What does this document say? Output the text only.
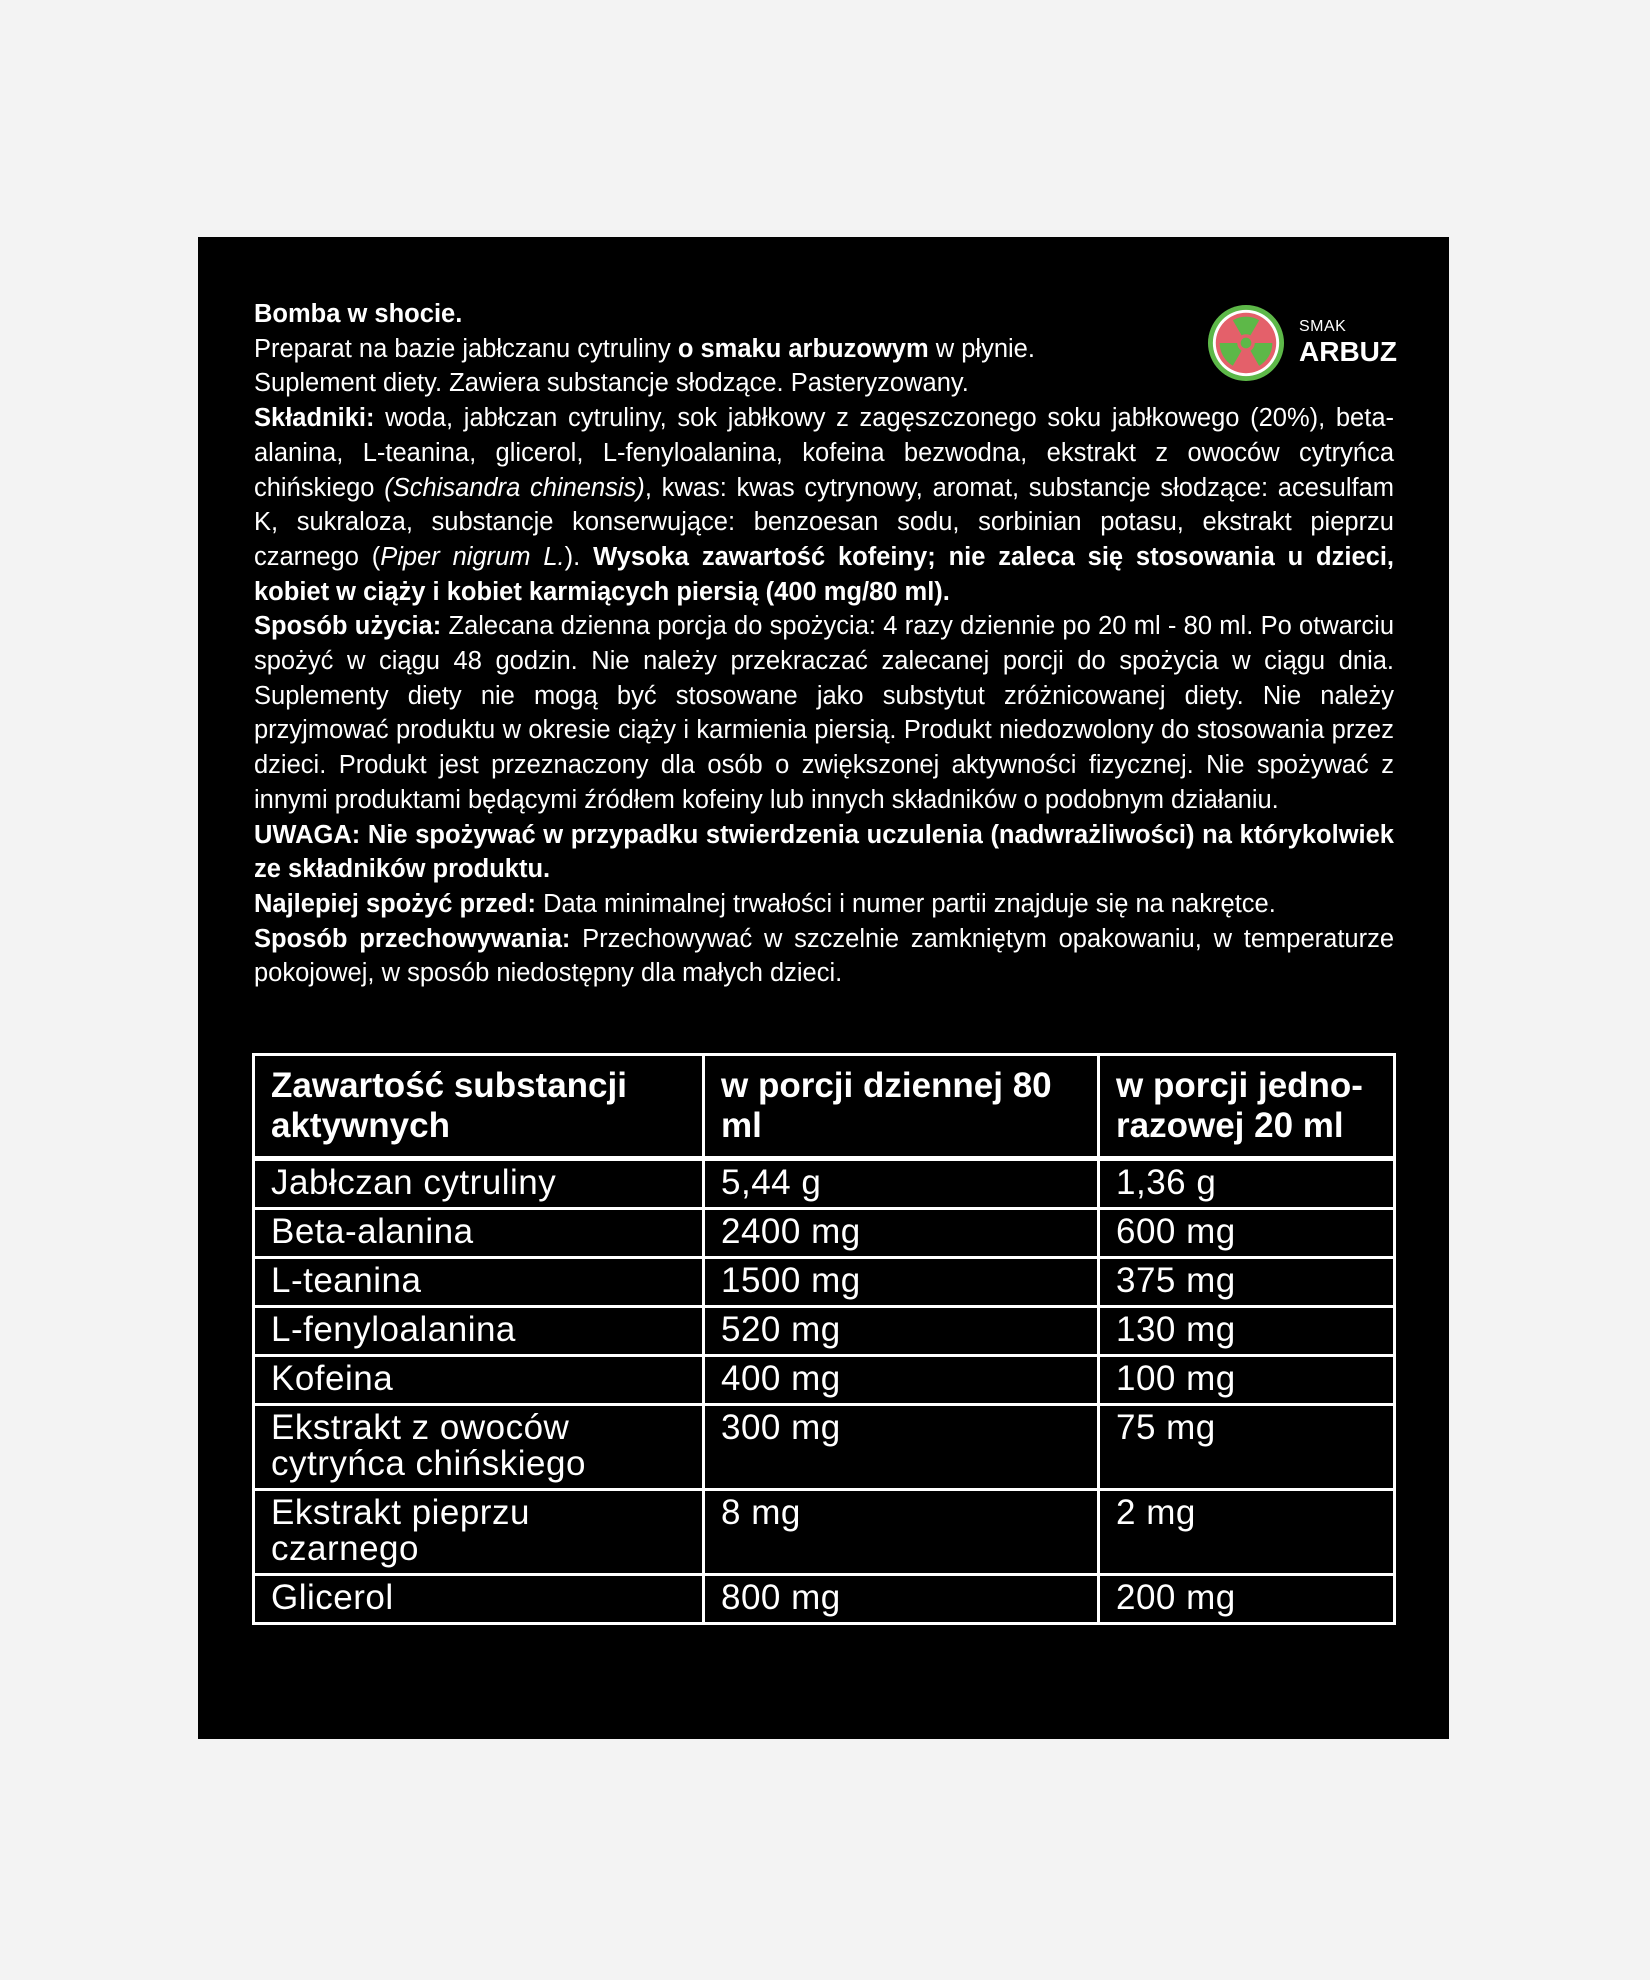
SMAK
ARBUZ

Bomba w shocie.

Preparat na bazie jabłczanu cytruliny o smaku arbuzowym w płynie.

Suplement diety. Zawiera substancje słodzące. Pasteryzowany.

Składniki: woda, jabłczan cytruliny, sok jabłkowy z zagęszczonego soku jabłkowego (20%), beta-alanina, L-teanina, glicerol, L-fenyloalanina, kofeina bezwodna, ekstrakt z owoców cytryńca chińskiego (Schisandra chinensis), kwas: kwas cytrynowy, aromat, substancje słodzące: acesulfam K, sukraloza, substancje konserwujące: benzoesan sodu, sorbinian potasu, ekstrakt pieprzu czarnego (Piper nigrum L.). Wysoka zawartość kofeiny; nie zaleca się stosowania u dzieci, kobiet w ciąży i kobiet karmiących piersią (400 mg/80 ml).

Sposób użycia: Zalecana dzienna porcja do spożycia: 4 razy dziennie po 20 ml - 80 ml. Po otwarciu spożyć w ciągu 48 godzin. Nie należy przekraczać zalecanej porcji do spożycia w ciągu dnia. Suplementy diety nie mogą być stosowane jako substytut zróżnicowanej diety. Nie należy przyjmować produktu w okresie ciąży i karmienia piersią. Produkt niedozwolony do stosowania przez dzieci. Produkt jest przeznaczony dla osób o zwiększonej aktywności fizycznej. Nie spożywać z innymi produktami będącymi źródłem kofeiny lub innych składników o podobnym działaniu.

UWAGA: Nie spożywać w przypadku stwierdzenia uczulenia (nadwrażliwości) na którykolwiek ze składników produktu.

Najlepiej spożyć przed: Data minimalnej trwałości i numer partii znajduje się na nakrętce.

Sposób przechowywania: Przechowywać w szczelnie zamkniętym opakowaniu, w temperaturze pokojowej, w sposób niedostępny dla małych dzieci.

Zawartość substancji aktywnych	w porcji dziennej 80 ml	w porcji jedno-razowej 20 ml
Jabłczan cytruliny	5,44 g	1,36 g
Beta-alanina	2400 mg	600 mg
L-teanina	1500 mg	375 mg
L-fenyloalanina	520 mg	130 mg
Kofeina	400 mg	100 mg
Ekstrakt z owoców cytryńca chińskiego	300 mg	75 mg
Ekstrakt pieprzu czarnego	8 mg	2 mg
Glicerol	800 mg	200 mg
